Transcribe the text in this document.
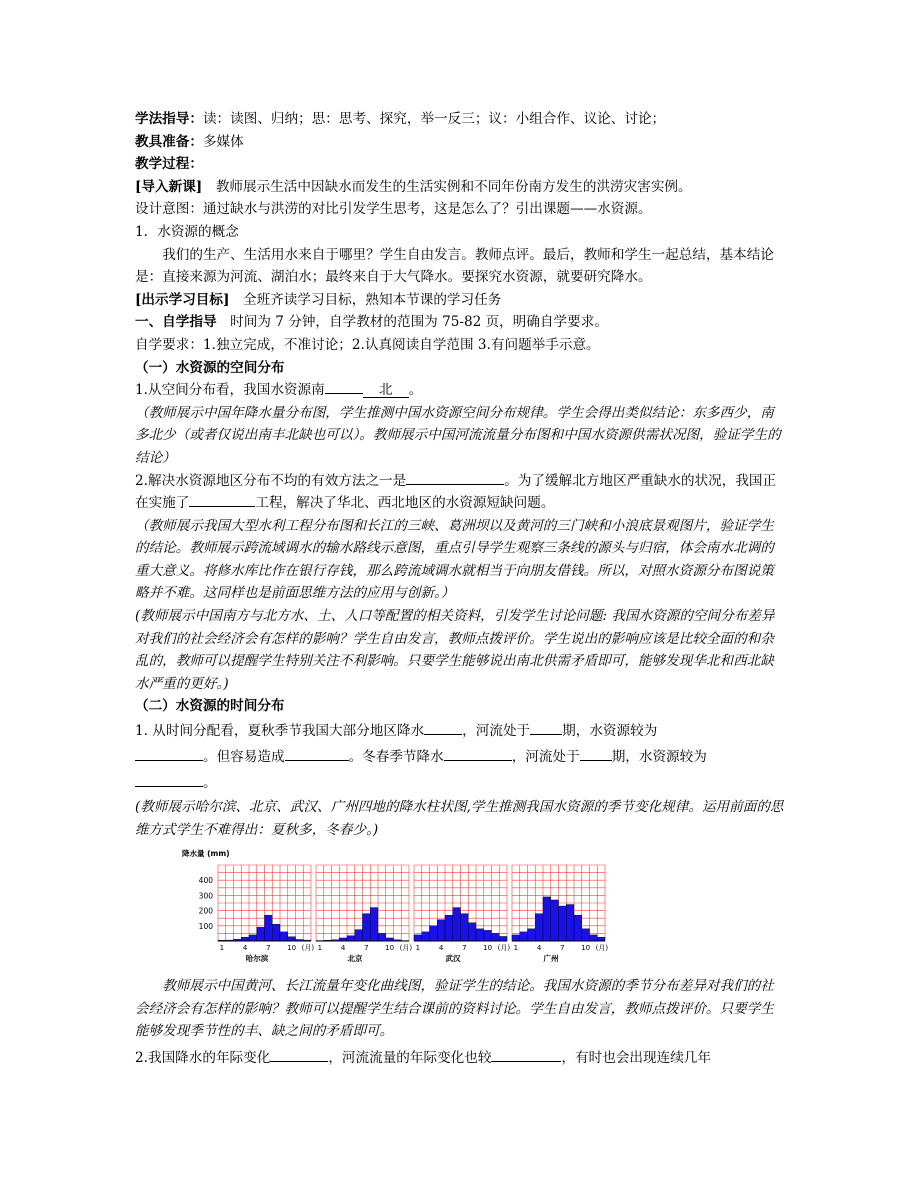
学法指导：读：读图、归纳；思：思考、探究，举一反三；议：小组合作、议论、讨论；

教具准备：多媒体

教学过程：

[导入新课]  教师展示生活中因缺水而发生的生活实例和不同年份南方发生的洪涝灾害实例。

设计意图：通过缺水与洪涝的对比引发学生思考，这是怎么了？引出课题——水资源。

1．水资源的概念

我们的生产、生活用水来自于哪里？学生自由发言。教师点评。最后，教师和学生一起总结，基本结论是：直接来源为河流、湖泊水；最终来自于大气降水。要探究水资源，就要研究降水。

[出示学习目标]  全班齐读学习目标，熟知本节课的学习任务

一、自学指导  时间为 7 分钟，自学教材的范围为 75-82 页，明确自学要求。

自学要求：1.独立完成，不准讨论；2.认真阅读自学范围 3.有问题举手示意。

（一）水资源的空间分布

1.从空间分布看，我国水资源南	北 。

（教师展示中国年降水量分布图，学生推测中国水资源空间分布规律。学生会得出类似结论：东多西少，南多北少（或者仅说出南丰北缺也可以）。教师展示中国河流流量分布图和中国水资源供需状况图，验证学生的结论）

2.解决水资源地区分布不均的有效方法之一是	。为了缓解北方地区严重缺水的状况，我国正在实施了	工程，解决了华北、西北地区的水资源短缺问题。

（教师展示我国大型水利工程分布图和长江的三峡、葛洲坝以及黄河的三门峡和小浪底景观图片，验证学生的结论。教师展示跨流域调水的输水路线示意图，重点引导学生观察三条线的源头与归宿，体会南水北调的重大意义。将修水库比作在银行存钱，那么跨流域调水就相当于向朋友借钱。所以，对照水资源分布图说策略并不难。这同样也是前面思维方法的应用与创新。）

(教师展示中国南方与北方水、土、人口等配置的相关资料，引发学生讨论问题: 我国水资源的空间分布差异对我们的社会经济会有怎样的影响？学生自由发言，教师点拨评价。学生说出的影响应该是比较全面的和杂乱的，教师可以提醒学生特别关注不利影响。只要学生能够说出南北供需矛盾即可，能够发现华北和西北缺水严重的更好。)

（二）水资源的时间分布

1. 从时间分配看，夏秋季节我国大部分地区降水	，河流处于 期，水资源较为
。但容易造成	。冬春季节降水	，河流处于 期，水资源较为
。

(教师展示哈尔滨、北京、武汉、广州四地的降水柱状图,学生推测我国水资源的季节变化规律。运用前面的思维方式学生不难得出：夏秋多，冬春少。)

降水量 (mm)
400
300
200
100
1	4	7 10 (月)
哈尔滨
1	4	7 10 (月)
北京
1	4	7 10 (月)
武汉
1	4	7 10 (月)
广州

教师展示中国黄河、长江流量年变化曲线图，验证学生的结论。我国水资源的季节分布差异对我们的社会经济会有怎样的影响？教师可以提醒学生结合课前的资料讨论。学生自由发言，教师点拨评价。只要学生能够发现季节性的丰、缺之间的矛盾即可。

2.我国降水的年际变化	，河流流量的年际变化也较	，有时也会出现连续几年
